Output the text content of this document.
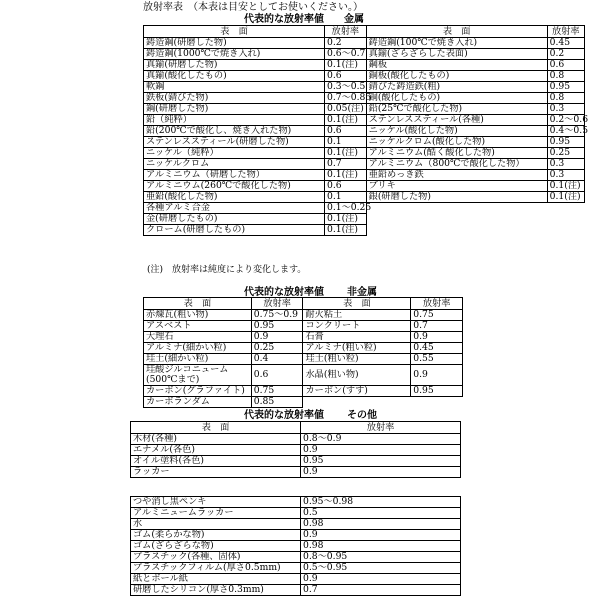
放射率表　（本表は目安としてお使いください。）
代表的な放射率値　　金属
表　面	放射率	表　面	放射率
鋳造鋼(研磨した物)	0.2	鋳造鋼(100℃で焼き入れ)	0.45
鋳造鋼(1000℃で焼き入れ)	0.6〜0.7	真鍮(ざらざらした表面)	0.2
真鍮(研磨した物)	0.1(注)	鋼板	0.6
真鍮(酸化したもの)	0.6	銅板(酸化したもの)	0.8
軟鋼	0.3〜0.5	錆びた鋳造鉄(粗)	0.95
鉄板(錆びた物)	0.7〜0.85	銅(酸化したもの)	0.8
鋼(研磨した物)	0.05(注)	鉛(25℃で酸化した物)	0.3
鉛（純粋）	0.1(注)	ステンレススティール(各種)	0.2〜0.6
鉛(200℃で酸化し、焼き入れた物)	0.6	ニッケル(酸化した物)	0.4〜0.5
ステンレススティール(研磨した物)	0.1	ニッケルクロム(酸化した物)	0.95
ニッケル（純粋）	0.1(注)	アルミニウム(酷く酸化した物)	0.25
ニッケルクロム	0.7	アルミニウム（800℃で酸化した物）	0.3
アルミニウム（研磨した物）	0.1(注)	亜鉛めっき鉄	0.3
アルミニウム(260℃で酸化した物)	0.6	ブリキ	0.1(注)
亜鉛(酸化した物)	0.1	銀(研磨した物)	0.1(注)
各種アルミ合金	0.1〜0.25		
金(研磨したもの)	0.1(注)		
クローム(研磨したもの)	0.1(注)		
(注)　放射率は純度により変化します。
代表的な放射率値 非金属
表　面	放射率	表　面	放射率
赤煉瓦(粗い物)	0.75〜0.9	耐火粘土	0.75
アスベスト	0.95	コンクリート	0.7
大理石	0.9	石膏	0.9
アルミナ(細かい粒)	0.25	アルミナ(粗い粒)	0.45
珪土(細かい粒)	0.4	珪土(粗い粒)	0.55
珪酸ジルコニューム(500℃まで)	0.6	水晶(粗い物)	0.9
カーボン(グラファイト)	0.75	カーボン(すす)	0.95
カーボランダム	0.85		
代表的な放射率値 その他
表　面	放射率
木材(各種)	0.8〜0.9
エナメル(各色)	0.9
オイル塗料(各色)	0.95
ラッカー	0.9
つや消し黒ペンキ	0.95〜0.98
アルミニュームラッカー	0.5
水	0.98
ゴム(柔らかな物)	0.9
ゴム(ざらざらな物)	0.98
プラスチック(各種、固体)	0.8〜0.95
プラスチックフィルム(厚さ0.5mm)	0.5〜0.95
紙とボール紙	0.9
研磨したシリコン(厚さ0.3mm)	0.7
